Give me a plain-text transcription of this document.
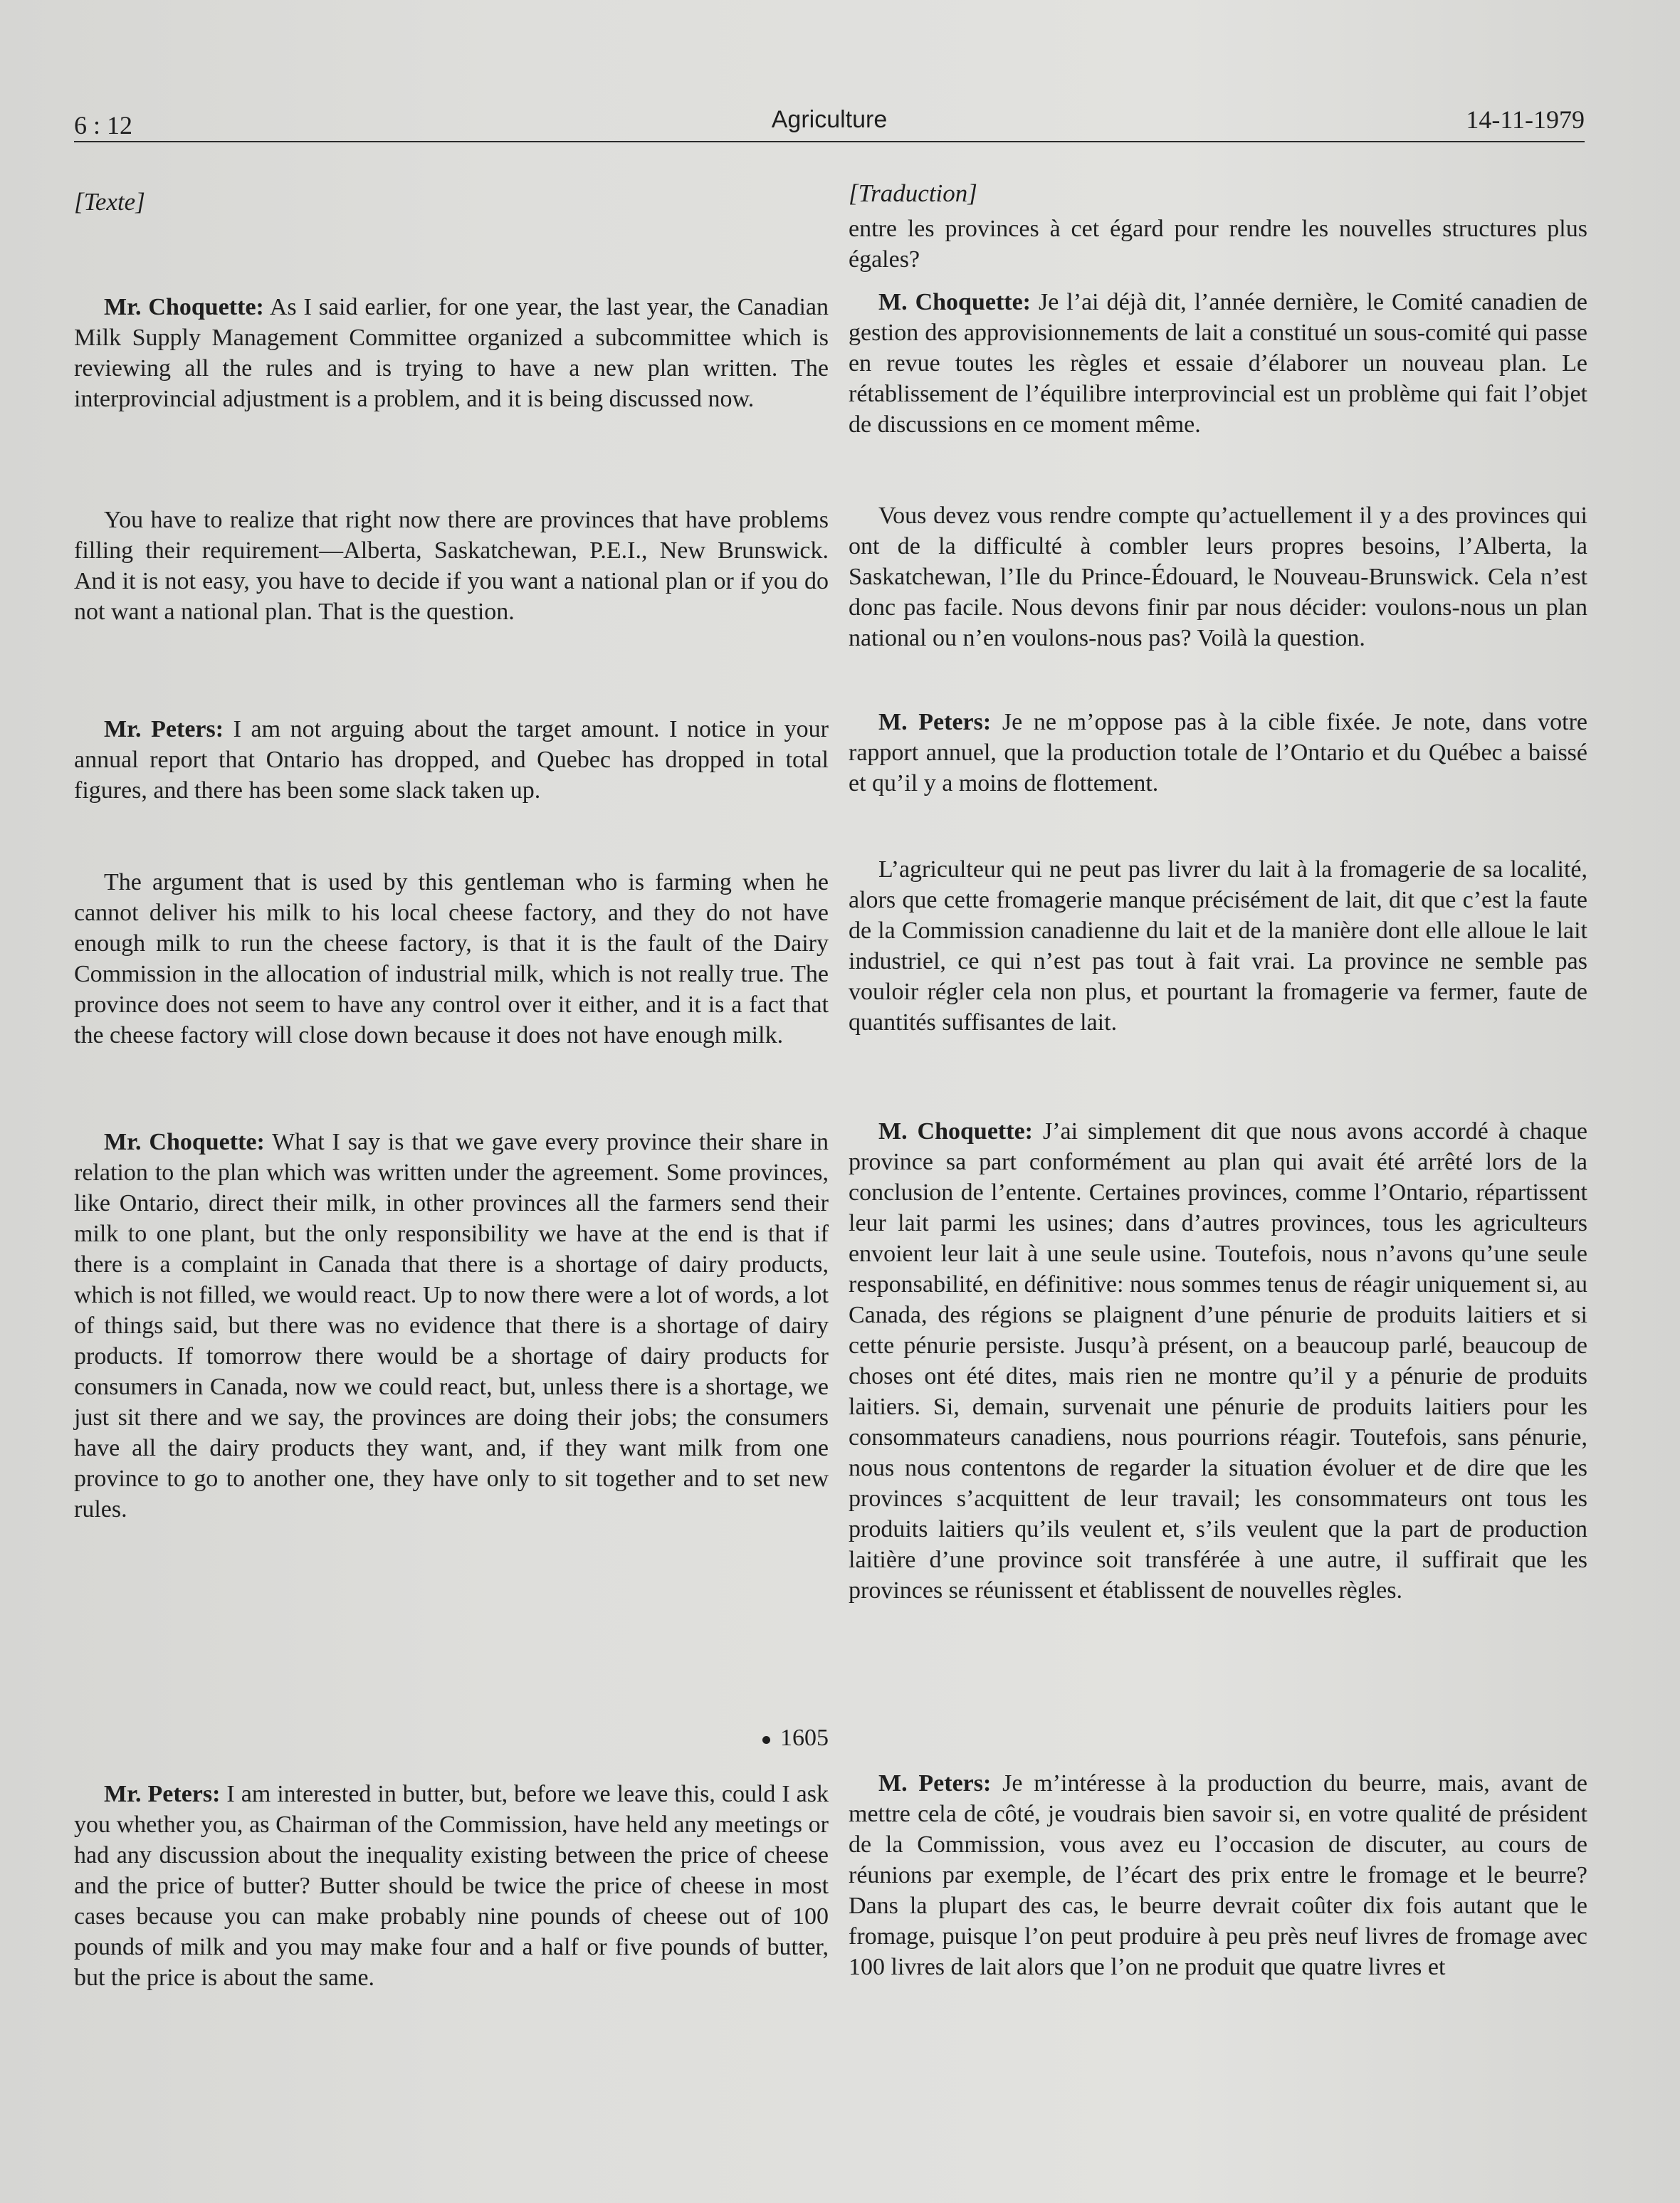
6 : 12	Agriculture	14-11-1979
[Texte]

Mr. Choquette: As I said earlier, for one year, the last year, the Canadian Milk Supply Management Committee organized a subcommittee which is reviewing all the rules and is trying to have a new plan written. The interprovincial adjustment is a problem, and it is being discussed now.

You have to realize that right now there are provinces that have problems filling their requirement—Alberta, Saskatchewan, P.E.I., New Brunswick. And it is not easy, you have to decide if you want a national plan or if you do not want a national plan. That is the question.

Mr. Peters: I am not arguing about the target amount. I notice in your annual report that Ontario has dropped, and Quebec has dropped in total figures, and there has been some slack taken up.

The argument that is used by this gentleman who is farming when he cannot deliver his milk to his local cheese factory, and they do not have enough milk to run the cheese factory, is that it is the fault of the Dairy Commission in the allocation of industrial milk, which is not really true. The province does not seem to have any control over it either, and it is a fact that the cheese factory will close down because it does not have enough milk.

Mr. Choquette: What I say is that we gave every province their share in relation to the plan which was written under the agreement. Some provinces, like Ontario, direct their milk, in other provinces all the farmers send their milk to one plant, but the only responsibility we have at the end is that if there is a complaint in Canada that there is a shortage of dairy products, which is not filled, we would react. Up to now there were a lot of words, a lot of things said, but there was no evidence that there is a shortage of dairy products. If tomorrow there would be a shortage of dairy products for consumers in Canada, now we could react, but, unless there is a shortage, we just sit there and we say, the provinces are doing their jobs; the consumers have all the dairy products they want, and, if they want milk from one province to go to another one, they have only to sit together and to set new rules.

1605

Mr. Peters: I am interested in butter, but, before we leave this, could I ask you whether you, as Chairman of the Commission, have held any meetings or had any discussion about the inequality existing between the price of cheese and the price of butter? Butter should be twice the price of cheese in most cases because you can make probably nine pounds of cheese out of 100 pounds of milk and you may make four and a half or five pounds of butter, but the price is about the same.

[Traduction]

entre les provinces à cet égard pour rendre les nouvelles structures plus égales?

M. Choquette: Je l’ai déjà dit, l’année dernière, le Comité canadien de gestion des approvisionnements de lait a constitué un sous-comité qui passe en revue toutes les règles et essaie d’élaborer un nouveau plan. Le rétablissement de l’équilibre interprovincial est un problème qui fait l’objet de discussions en ce moment même.

Vous devez vous rendre compte qu’actuellement il y a des provinces qui ont de la difficulté à combler leurs propres besoins, l’Alberta, la Saskatchewan, l’Ile du Prince-Édouard, le Nouveau-Brunswick. Cela n’est donc pas facile. Nous devons finir par nous décider: voulons-nous un plan national ou n’en voulons-nous pas? Voilà la question.

M. Peters: Je ne m’oppose pas à la cible fixée. Je note, dans votre rapport annuel, que la production totale de l’Ontario et du Québec a baissé et qu’il y a moins de flottement.

L’agriculteur qui ne peut pas livrer du lait à la fromagerie de sa localité, alors que cette fromagerie manque précisément de lait, dit que c’est la faute de la Commission canadienne du lait et de la manière dont elle alloue le lait industriel, ce qui n’est pas tout à fait vrai. La province ne semble pas vouloir régler cela non plus, et pourtant la fromagerie va fermer, faute de quantités suffisantes de lait.

M. Choquette: J’ai simplement dit que nous avons accordé à chaque province sa part conformément au plan qui avait été arrêté lors de la conclusion de l’entente. Certaines provinces, comme l’Ontario, répartissent leur lait parmi les usines; dans d’autres provinces, tous les agriculteurs envoient leur lait à une seule usine. Toutefois, nous n’avons qu’une seule responsabilité, en définitive: nous sommes tenus de réagir uniquement si, au Canada, des régions se plaignent d’une pénurie de produits laitiers et si cette pénurie persiste. Jusqu’à présent, on a beaucoup parlé, beaucoup de choses ont été dites, mais rien ne montre qu’il y a pénurie de produits laitiers. Si, demain, survenait une pénurie de produits laitiers pour les consommateurs canadiens, nous pourrions réagir. Toutefois, sans pénurie, nous nous contentons de regarder la situation évoluer et de dire que les provinces s’acquittent de leur travail; les consommateurs ont tous les produits laitiers qu’ils veulent et, s’ils veulent que la part de production laitière d’une province soit transférée à une autre, il suffirait que les provinces se réunissent et établissent de nouvelles règles.

M. Peters: Je m’intéresse à la production du beurre, mais, avant de mettre cela de côté, je voudrais bien savoir si, en votre qualité de président de la Commission, vous avez eu l’occasion de discuter, au cours de réunions par exemple, de l’écart des prix entre le fromage et le beurre? Dans la plupart des cas, le beurre devrait coûter dix fois autant que le fromage, puisque l’on peut produire à peu près neuf livres de fromage avec 100 livres de lait alors que l’on ne produit que quatre livres et
